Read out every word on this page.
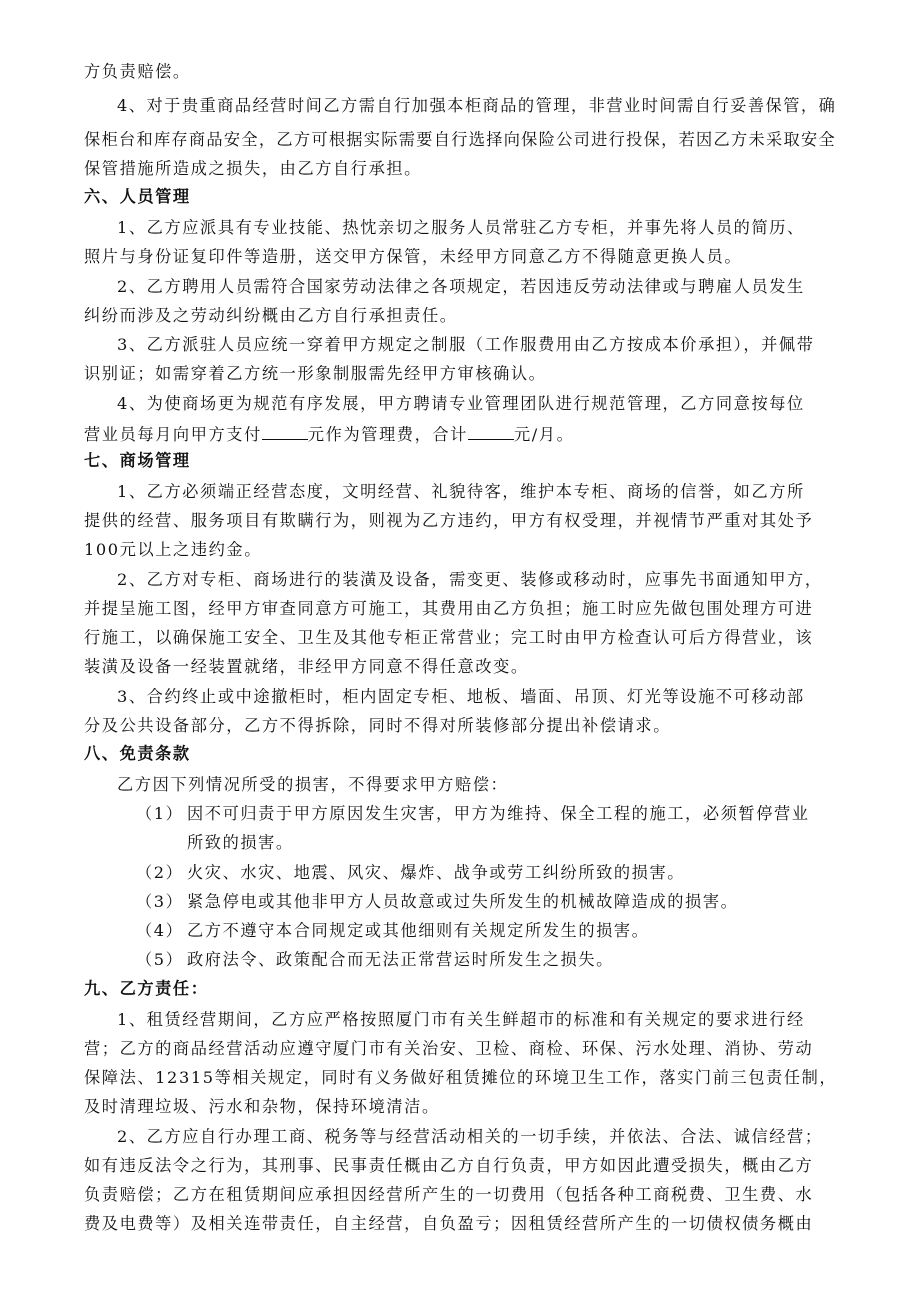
方负责赔偿。
4、对于贵重商品经营时间乙方需自行加强本柜商品的管理，非营业时间需自行妥善保管，确
保柜台和库存商品安全，乙方可根据实际需要自行选择向保险公司进行投保，若因乙方未采取安全
保管措施所造成之损失，由乙方自行承担。
六、人员管理
1、乙方应派具有专业技能、热忱亲切之服务人员常驻乙方专柜，并事先将人员的简历、
照片与身份证复印件等造册，送交甲方保管，未经甲方同意乙方不得随意更换人员。
2、乙方聘用人员需符合国家劳动法律之各项规定，若因违反劳动法律或与聘雇人员发生
纠纷而涉及之劳动纠纷概由乙方自行承担责任。
3、乙方派驻人员应统一穿着甲方规定之制服（工作服费用由乙方按成本价承担），并佩带
识别证；如需穿着乙方统一形象制服需先经甲方审核确认。
4、为使商场更为规范有序发展，甲方聘请专业管理团队进行规范管理，乙方同意按每位
营业员每月向甲方支付	元作为管理费，合计	元/月。
七、商场管理
1、乙方必须端正经营态度，文明经营、礼貌待客，维护本专柜、商场的信誉，如乙方所
提供的经营、服务项目有欺瞒行为，则视为乙方违约，甲方有权受理，并视情节严重对其处予
100元以上之违约金。
2、乙方对专柜、商场进行的装潢及设备，需变更、装修或移动时，应事先书面通知甲方，
并提呈施工图，经甲方审查同意方可施工，其费用由乙方负担；施工时应先做包围处理方可进
行施工，以确保施工安全、卫生及其他专柜正常营业；完工时由甲方检查认可后方得营业，该
装潢及设备一经装置就绪，非经甲方同意不得任意改变。
3、合约终止或中途撤柜时，柜内固定专柜、地板、墙面、吊顶、灯光等设施不可移动部
分及公共设备部分，乙方不得拆除，同时不得对所装修部分提出补偿请求。
八、免责条款
乙方因下列情况所受的损害，不得要求甲方赔偿：
（1） 因不可归责于甲方原因发生灾害，甲方为维持、保全工程的施工，必须暂停营业
所致的损害。
（2） 火灾、水灾、地震、风灾、爆炸、战争或劳工纠纷所致的损害。
（3） 紧急停电或其他非甲方人员故意或过失所发生的机械故障造成的损害。
（4） 乙方不遵守本合同规定或其他细则有关规定所发生的损害。
（5） 政府法令、政策配合而无法正常营运时所发生之损失。
九、乙方责任：
1、租赁经营期间，乙方应严格按照厦门市有关生鲜超市的标准和有关规定的要求进行经
营；乙方的商品经营活动应遵守厦门市有关治安、卫检、商检、环保、污水处理、消协、劳动
保障法、12315等相关规定，同时有义务做好租赁摊位的环境卫生工作，落实门前三包责任制，
及时清理垃圾、污水和杂物，保持环境清洁。
2、乙方应自行办理工商、税务等与经营活动相关的一切手续，并依法、合法、诚信经营；
如有违反法令之行为，其刑事、民事责任概由乙方自行负责，甲方如因此遭受损失，概由乙方
负责赔偿；乙方在租赁期间应承担因经营所产生的一切费用（包括各种工商税费、卫生费、水
费及电费等）及相关连带责任，自主经营，自负盈亏；因租赁经营所产生的一切债权债务概由
